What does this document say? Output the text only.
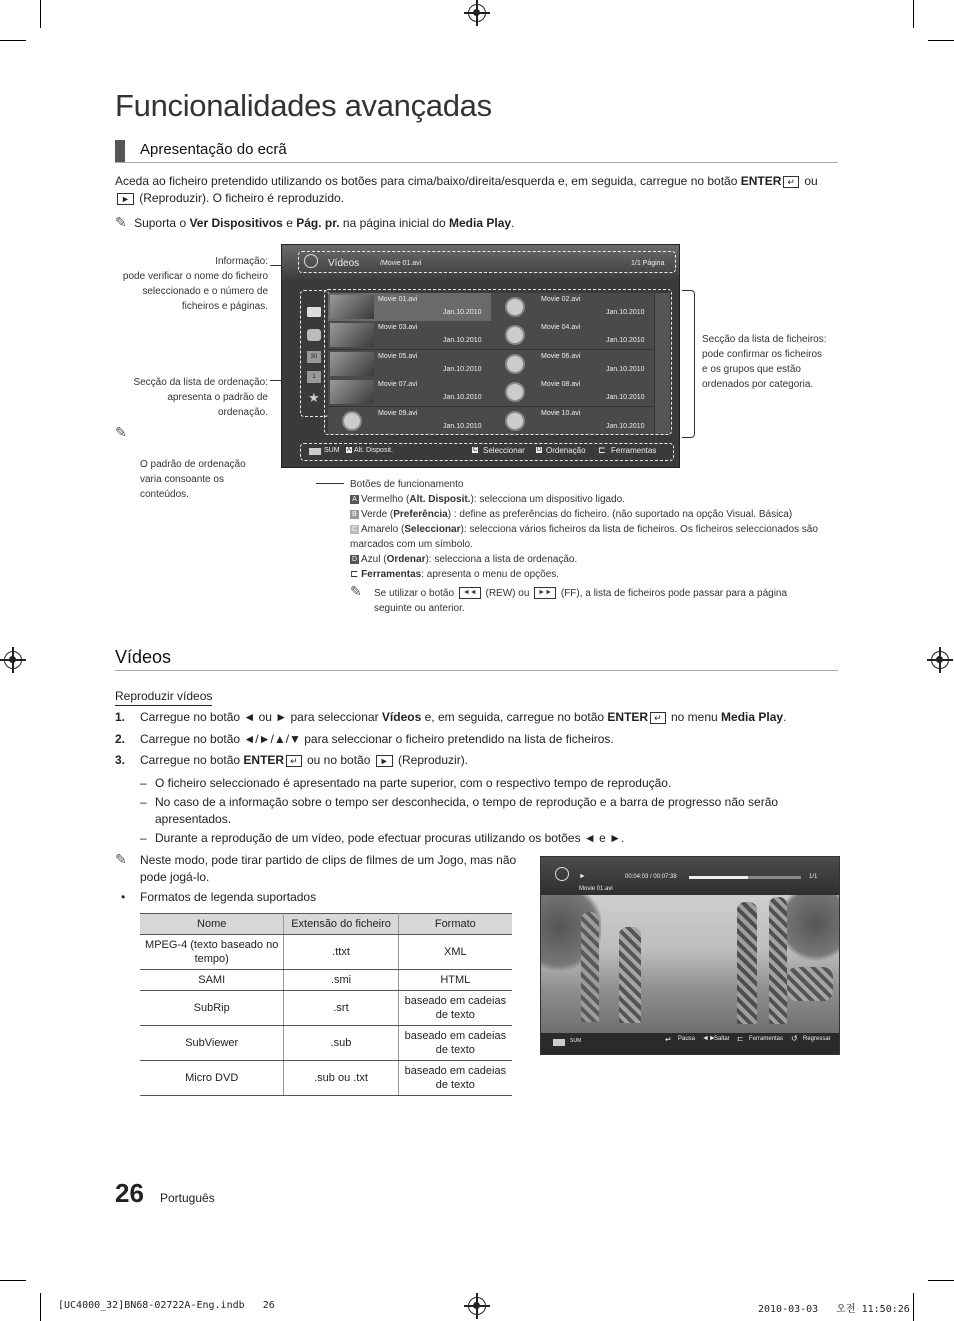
Funcionalidades avançadas
Apresentação do ecrã
Aceda ao ficheiro pretendido utilizando os botões para cima/baixo/direita/esquerda e, em seguida, carregue no botão ENTER ↵ ou
► (Reproduzir). O ficheiro é reproduzido.
✎ Suporta o Ver Dispositivos e Pág. pr. na página inicial do Media Play.
Informação:
pode verificar o nome do ficheiro
seleccionado e o número de
ficheiros e páginas.
Secção da lista de ordenação:
apresenta o padrão de
ordenação.

✎

O padrão de ordenação
varia consoante os
conteúdos.

Secção da lista de ficheiros:
pode confirmar os ficheiros
e os grupos que estão
ordenados por categoria.
Vídeos	/Movie 01.avi	1/1 Página
30
1
★
Movie 01.avi
Jan.10.2010
Movie 02.avi
Jan.10.2010
Movie 03.avi
Jan.10.2010
Movie 04.avi
Jan.10.2010
Movie 05.avi
Jan.10.2010
Movie 06.avi
Jan.10.2010
Movie 07.avi
Jan.10.2010
Movie 08.avi
Jan.10.2010
Movie 09.avi
Jan.10.2010
Movie 10.avi
Jan.10.2010
SUM A Alt. Disposit.	C Seleccionar D Ordenação ⊏ Ferramentas
Botões de funcionamento
A Vermelho (Alt. Disposit.): selecciona um dispositivo ligado.
B Verde (Preferência) : define as preferências do ficheiro. (não suportado na opção Visual. Básica)
C Amarelo (Seleccionar): selecciona vários ficheiros da lista de ficheiros. Os ficheiros seleccionados são marcados com um símbolo.
D Azul (Ordenar): selecciona a lista de ordenação.
⊏ Ferramentas: apresenta o menu de opções.
✎ Se utilizar o botão ◄◄ (REW) ou ►► (FF), a lista de ficheiros pode passar para a página seguinte ou anterior.
Vídeos
Reproduzir vídeos
1. Carregue no botão ◄ ou ► para seleccionar Vídeos e, em seguida, carregue no botão ENTER ↵ no menu Media Play.
2. Carregue no botão ◄/►/▲/▼ para seleccionar o ficheiro pretendido na lista de ficheiros.
3. Carregue no botão ENTER ↵ ou no botão ► (Reproduzir).
– O ficheiro seleccionado é apresentado na parte superior, com o respectivo tempo de reprodução.
– No caso de a informação sobre o tempo ser desconhecida, o tempo de reprodução e a barra de progresso não serão apresentados.
– Durante a reprodução de um vídeo, pode efectuar procuras utilizando os botões ◄ e ►.
✎ Neste modo, pode tirar partido de clips de filmes de um Jogo, mas não pode jogá-lo.
• Formatos de legenda suportados
Nome	Extensão do ficheiro	Formato
MPEG-4 (texto baseado no tempo)	.ttxt	XML
SAMI	.smi	HTML
SubRip	.srt	baseado em cadeias de texto
SubViewer	.sub	baseado em cadeias de texto
Micro DVD	.sub ou .txt	baseado em cadeias de texto
►	00:04:03 / 00:07:38	1/1
Movie 01.avi
SUM	↵ Pausa ◄►
Saltar ⊏ Ferramentas ↺ Regressar
26 Português
[UC4000_32]BN68-02722A-Eng.indb   26	2010-03-03   오전 11:50:26
